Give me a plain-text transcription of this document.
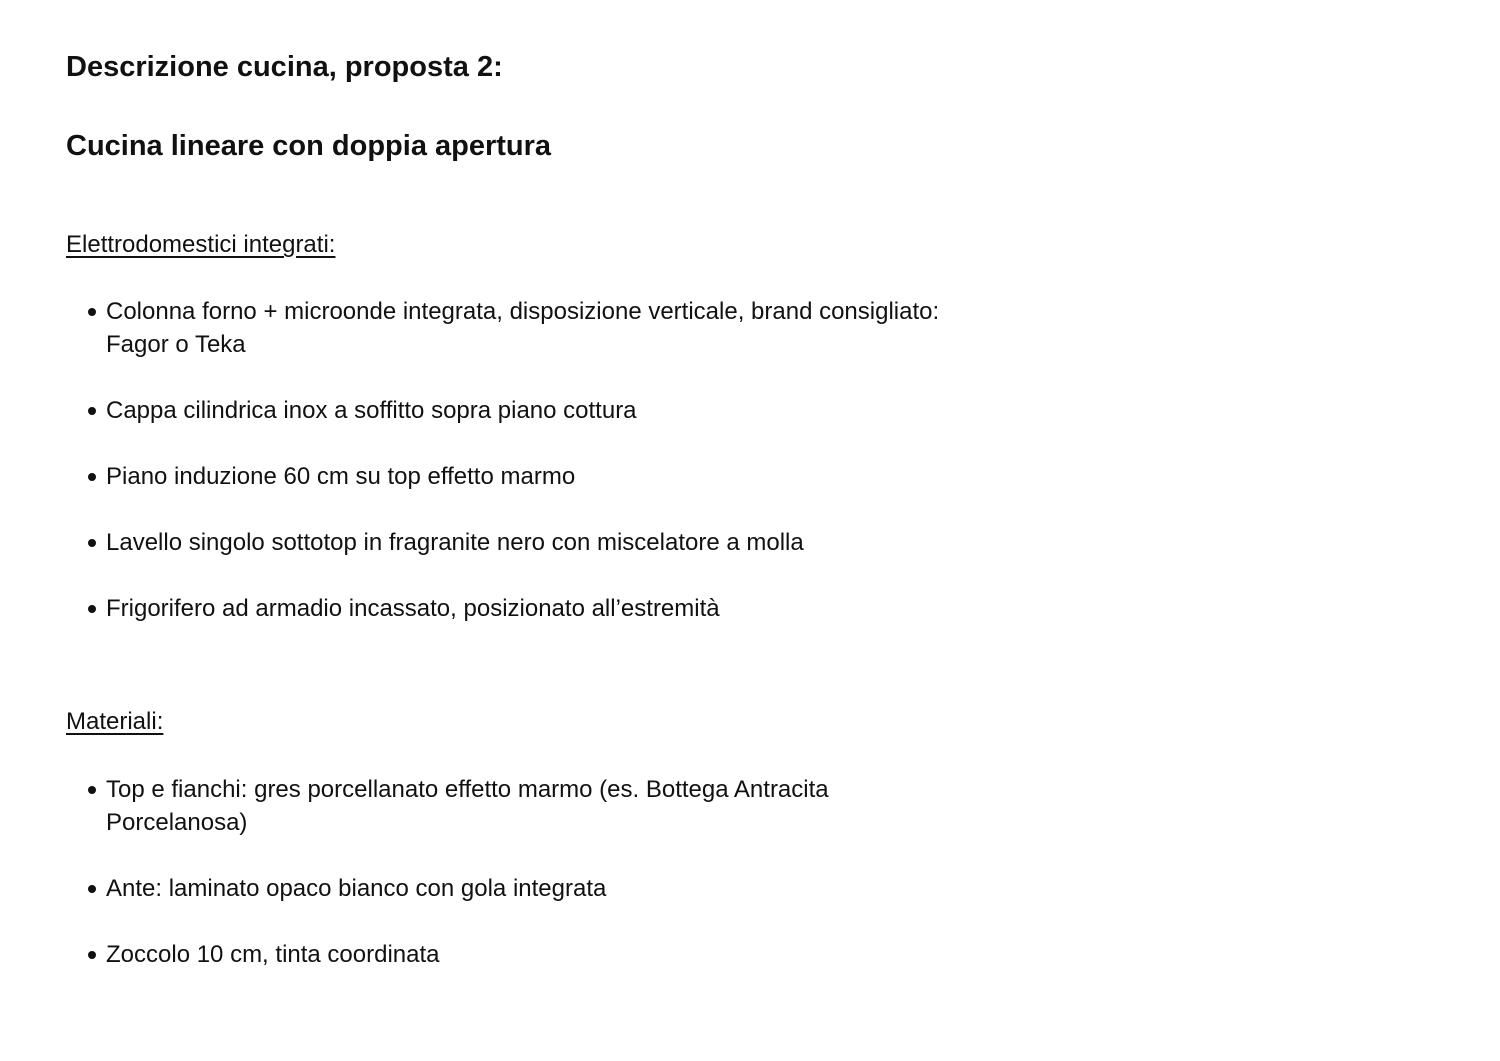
Descrizione cucina, proposta 2:
Cucina lineare con doppia apertura

Elettrodomestici integrati:

Colonna forno + microonde integrata, disposizione verticale, brand consigliato: Fagor o Teka
Cappa cilindrica inox a soffitto sopra piano cottura
Piano induzione 60 cm su top effetto marmo
Lavello singolo sottotop in fragranite nero con miscelatore a molla
Frigorifero ad armadio incassato, posizionato all’estremità

Materiali:

Top e fianchi: gres porcellanato effetto marmo (es. Bottega Antracita Porcelanosa)
Ante: laminato opaco bianco con gola integrata
Zoccolo 10 cm, tinta coordinata
